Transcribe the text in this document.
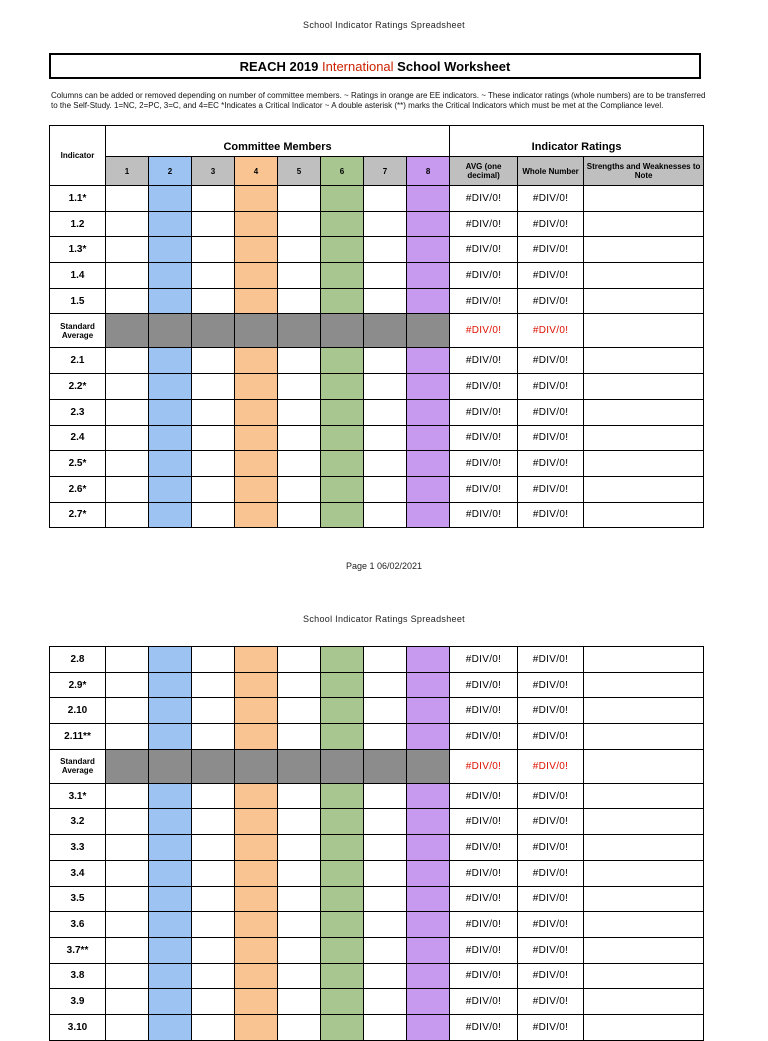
School Indicator Ratings Spreadsheet
REACH 2019 International School Worksheet
Columns can be added or removed depending on number of committee members. ~ Ratings in orange are EE indicators. ~ These indicator ratings (whole numbers) are to be transferred to the Self-Study. 1=NC, 2=PC, 3=C, and 4=EC *Indicates a Critical Indicator ~ A double asterisk (**) marks the Critical Indicators which must be met at the Compliance level.
Indicator	Committee Members								Indicator Ratings		
	1	2	3	4	5	6	7	8	AVG (one decimal)	Whole Number	Strengths and Weaknesses to Note
1.1*									#DIV/0!	#DIV/0!	
1.2									#DIV/0!	#DIV/0!	
1.3*									#DIV/0!	#DIV/0!	
1.4									#DIV/0!	#DIV/0!	
1.5									#DIV/0!	#DIV/0!	
Standard Average									#DIV/0!	#DIV/0!	
2.1									#DIV/0!	#DIV/0!	
2.2*									#DIV/0!	#DIV/0!	
2.3									#DIV/0!	#DIV/0!	
2.4									#DIV/0!	#DIV/0!	
2.5*									#DIV/0!	#DIV/0!	
2.6*									#DIV/0!	#DIV/0!	
2.7*									#DIV/0!	#DIV/0!	
Page 1 06/02/2021
School Indicator Ratings Spreadsheet
2.8									#DIV/0!	#DIV/0!	
2.9*									#DIV/0!	#DIV/0!	
2.10									#DIV/0!	#DIV/0!	
2.11**									#DIV/0!	#DIV/0!	
Standard Average									#DIV/0!	#DIV/0!	
3.1*									#DIV/0!	#DIV/0!	
3.2									#DIV/0!	#DIV/0!	
3.3									#DIV/0!	#DIV/0!	
3.4									#DIV/0!	#DIV/0!	
3.5									#DIV/0!	#DIV/0!	
3.6									#DIV/0!	#DIV/0!	
3.7**									#DIV/0!	#DIV/0!	
3.8									#DIV/0!	#DIV/0!	
3.9									#DIV/0!	#DIV/0!	
3.10									#DIV/0!	#DIV/0!	
